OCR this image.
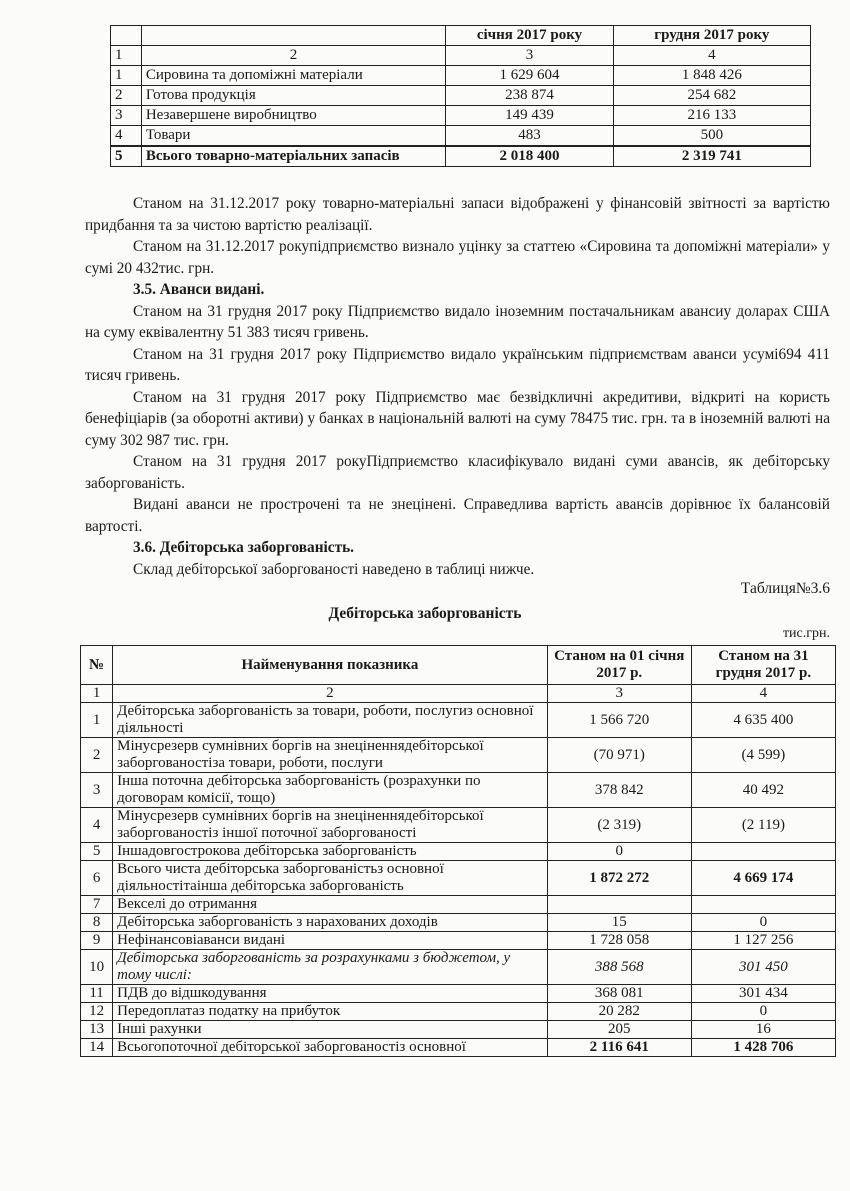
		січня 2017 року	грудня 2017 року
1	2	3	4
1	Сировина та допоміжні матеріали	1 629 604	1 848 426
2	Готова продукція	238 874	254 682
3	Незавершене виробництво	149 439	216 133
4	Товари	483	500
5	Всього товарно-матеріальних запасів	2 018 400	2 319 741

Станом на 31.12.2017 року товарно-матеріальні запаси відображені у фінансовій звітності за вартістю придбання та за чистою вартістю реалізації.

Станом на 31.12.2017 рокупідприємство визнало уцінку за статтею «Сировина та допоміжні матеріали» у сумі 20 432тис. грн.

3.5. Аванси видані.

Станом на 31 грудня 2017 року Підприємство видало іноземним постачальникам авансиу доларах США на суму еквівалентну 51 383 тисяч гривень.

Станом на 31 грудня 2017 року Підприємство видало українським підприємствам аванси усумі694 411 тисяч гривень.

Станом на 31 грудня 2017 року Підприємство має безвідкличні акредитиви, відкриті на користь бенефіціарів (за оборотні активи) у банках в національній валюті на суму 78475 тис. грн. та в іноземній валюті на суму 302 987 тис. грн.

Станом на 31 грудня 2017 рокуПідприємство класифікувало видані суми авансів, як дебіторську заборгованість.

Видані аванси не прострочені та не знецінені. Справедлива вартість авансів дорівнює їх балансовій вартості.

3.6. Дебіторська заборгованість.

Склад дебіторської заборгованості наведено в таблиці нижче.

Таблиця№3.6
Дебіторська заборгованість
тис.грн.
№	Найменування показника	Станом на 01 січня 2017 р.	Станом на 31 грудня 2017 р.
1	2	3	4
1	Дебіторська заборгованість за товари, роботи, послугиз основної діяльності	1 566 720	4 635 400
2	Мінусрезерв сумнівних боргів на знеціненнядебіторської заборгованостіза товари, роботи, послуги	(70 971)	(4 599)
3	Інша поточна дебіторська заборгованість (розрахунки по договорам комісії, тощо)	378 842	40 492
4	Мінусрезерв сумнівних боргів на знеціненнядебіторської заборгованостіз іншої поточної заборгованості	(2 319)	(2 119)
5	Іншадовгострокова дебіторська заборгованість	0	
6	Всього чиста дебіторська заборгованістьз основної діяльностітаінша дебіторська заборгованість	1 872 272	4 669 174
7	Векселі до отримання		
8	Дебіторська заборгованість з нарахованих доходів	15	0
9	Нефінансовіаванси видані	1 728 058	1 127 256
10	Дебіторська заборгованість за розрахунками з бюджетом, у тому числі:	388 568	301 450
11	ПДВ до відшкодування	368 081	301 434
12	Передоплатаз податку на прибуток	20 282	0
13	Інші рахунки	205	16
14	Всьогопоточної дебіторської заборгованостіз основної	2 116 641	1 428 706
